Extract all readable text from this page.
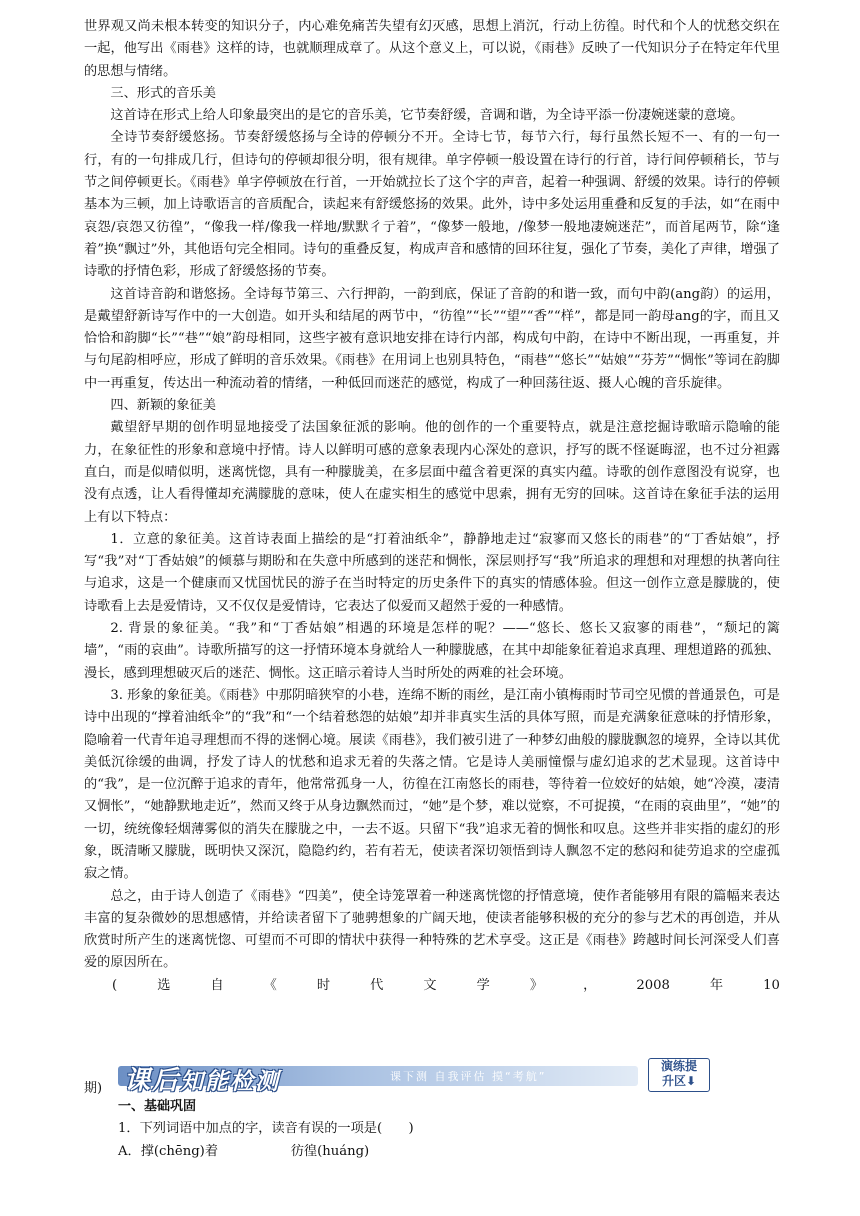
世界观又尚未根本转变的知识分子，内心难免痛苦失望有幻灭感，思想上消沉，行动上彷徨。时代和个人的忧愁交织在一起，他写出《雨巷》这样的诗，也就顺理成章了。从这个意义上，可以说，《雨巷》反映了一代知识分子在特定年代里的思想与情绪。

三、形式的音乐美

这首诗在形式上给人印象最突出的是它的音乐美，它节奏舒缓，音调和谐，为全诗平添一份凄婉迷蒙的意境。

全诗节奏舒缓悠扬。节奏舒缓悠扬与全诗的停顿分不开。全诗七节，每节六行，每行虽然长短不一、有的一句一行，有的一句排成几行，但诗句的停顿却很分明，很有规律。单字停顿一般设置在诗行的行首，诗行间停顿稍长，节与节之间停顿更长。《雨巷》单字停顿放在行首，一开始就拉长了这个字的声音，起着一种强调、舒缓的效果。诗行的停顿基本为三顿，加上诗歌语言的音质配合，读起来有舒缓悠扬的效果。此外，诗中多处运用重叠和反复的手法，如“在雨中哀怨/哀怨又彷徨”，“像我一样/像我一样地/默默彳亍着”，“像梦一般地，/像梦一般地凄婉迷茫”，而首尾两节，除“逢着”换“飘过”外，其他语句完全相同。诗句的重叠反复，构成声音和感情的回环往复，强化了节奏，美化了声律，增强了诗歌的抒情色彩，形成了舒缓悠扬的节奏。

这首诗音韵和谐悠扬。全诗每节第三、六行押韵，一韵到底，保证了音韵的和谐一致，而句中韵(ang韵）的运用，是戴望舒新诗写作中的一大创造。如开头和结尾的两节中，“彷徨”“长”“望”“香”“样”，都是同一韵母ang的字，而且又恰恰和韵脚“长”“巷”“娘”韵母相同，这些字被有意识地安排在诗行内部，构成句中韵，在诗中不断出现，一再重复，并与句尾韵相呼应，形成了鲜明的音乐效果。《雨巷》在用词上也别具特色，“雨巷”“悠长”“姑娘”“芬芳”“惆怅”等词在韵脚中一再重复，传达出一种流动着的情绪，一种低回而迷茫的感觉，构成了一种回荡往返、摄人心魄的音乐旋律。

四、新颖的象征美

戴望舒早期的创作明显地接受了法国象征派的影响。他的创作的一个重要特点，就是注意挖掘诗歌暗示隐喻的能力，在象征性的形象和意境中抒情。诗人以鲜明可感的意象表现内心深处的意识，抒写的既不怪诞晦涩，也不过分袒露直白，而是似晴似明，迷离恍惚，具有一种朦胧美，在多层面中蕴含着更深的真实内蕴。诗歌的创作意图没有说穿，也没有点透，让人看得懂却充满朦胧的意味，使人在虚实相生的感觉中思索，拥有无穷的回味。这首诗在象征手法的运用上有以下特点：

1．立意的象征美。这首诗表面上描绘的是“打着油纸伞”，静静地走过“寂寥而又悠长的雨巷”的“丁香姑娘”，抒写“我”对“丁香姑娘”的倾慕与期盼和在失意中所感到的迷茫和惆怅，深层则抒写“我”所追求的理想和对理想的执著向往与追求，这是一个健康而又忧国忧民的游子在当时特定的历史条件下的真实的情感体验。但这一创作立意是朦胧的，使诗歌看上去是爱情诗，又不仅仅是爱情诗，它表达了似爱而又超然于爱的一种感情。

2. 背景的象征美。“我”和“丁香姑娘”相遇的环境是怎样的呢？——“悠长、悠长又寂寥的雨巷”，“颓圮的篱墙”，“雨的哀曲”。诗歌所描写的这一抒情环境本身就给人一种朦胧感，在其中却能象征着追求真理、理想道路的孤独、漫长，感到理想破灭后的迷茫、惆怅。这正暗示着诗人当时所处的两难的社会环境。

3. 形象的象征美。《雨巷》中那阴暗狭窄的小巷，连绵不断的雨丝，是江南小镇梅雨时节司空见惯的普通景色，可是诗中出现的“撑着油纸伞”的“我”和“一个结着愁怨的姑娘”却并非真实生活的具体写照，而是充满象征意味的抒情形象，隐喻着一代青年追寻理想而不得的迷惘心境。展读《雨巷》，我们被引进了一种梦幻曲般的朦胧飘忽的境界，全诗以其优美低沉徐缓的曲调，抒发了诗人的忧愁和追求无着的失落之情。它是诗人美丽憧憬与虚幻追求的艺术显现。这首诗中的“我”，是一位沉醉于追求的青年，他常常孤身一人，彷徨在江南悠长的雨巷，等待着一位姣好的姑娘，她“冷漠，凄清又惆怅”，“她静默地走近”，然而又终于从身边飘然而过，“她”是个梦，难以觉察，不可捉摸，“在雨的哀曲里”，“她”的一切，统统像轻烟薄雾似的消失在朦胧之中，一去不返。只留下“我”追求无着的惆怅和叹息。这些并非实指的虚幻的形象，既清晰又朦胧，既明快又深沉，隐隐约约，若有若无，使读者深切领悟到诗人飘忽不定的愁闷和徒劳追求的空虚孤寂之情。

总之，由于诗人创造了《雨巷》“四美”，使全诗笼罩着一种迷离恍惚的抒情意境，使作者能够用有限的篇幅来表达丰富的复杂微妙的思想感情，并给读者留下了驰骋想象的广阔天地，使读者能够积极的充分的参与艺术的再创造，并从欣赏时所产生的迷离恍惚、可望而不可即的情状中获得一种特殊的艺术享受。这正是《雨巷》跨越时间长河深受人们喜爱的原因所在。

(	选	自	《	时	代	文	学	》	，	2008	年	10
期) 课后知能检测	课下测 自我评估 摸“考航”
演练提
升区⬇

一、基础巩固

1．下列词语中加点的字，读音有误的一项是(　　)

A． 撑(chēng)着	彷徨(huáng)
